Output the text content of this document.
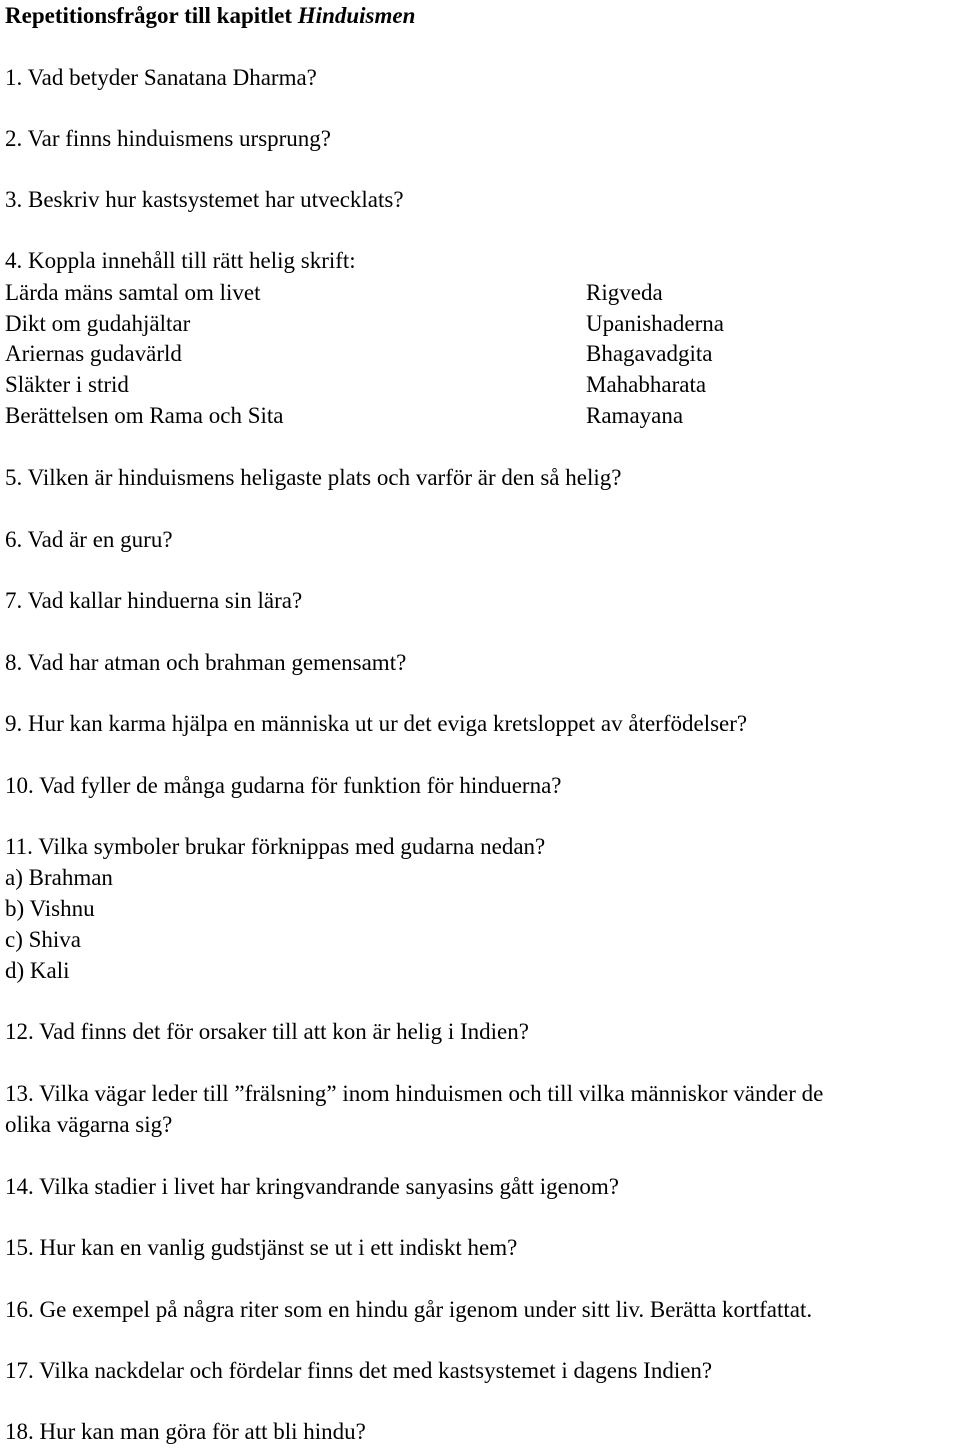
Repetitionsfrågor till kapitlet Hinduismen
1. Vad betyder Sanatana Dharma?
2. Var finns hinduismens ursprung?
3. Beskriv hur kastsystemet har utvecklats?
4. Koppla innehåll till rätt helig skrift:
Lärda mäns samtal om livet
Dikt om gudahjältar
Ariernas gudavärld
Släkter i strid
Berättelsen om Rama och Sita
Rigveda
Upanishaderna
Bhagavadgita
Mahabharata
Ramayana
5. Vilken är hinduismens heligaste plats och varför är den så helig?
6. Vad är en guru?
7. Vad kallar hinduerna sin lära?
8. Vad har atman och brahman gemensamt?
9. Hur kan karma hjälpa en människa ut ur det eviga kretsloppet av återfödelser?
10. Vad fyller de många gudarna för funktion för hinduerna?
11. Vilka symboler brukar förknippas med gudarna nedan?
a) Brahman
b) Vishnu
c) Shiva
d) Kali
12. Vad finns det för orsaker till att kon är helig i Indien?
13. Vilka vägar leder till ”frälsning” inom hinduismen och till vilka människor vänder de
olika vägarna sig?
14. Vilka stadier i livet har kringvandrande sanyasins gått igenom?
15. Hur kan en vanlig gudstjänst se ut i ett indiskt hem?
16. Ge exempel på några riter som en hindu går igenom under sitt liv. Berätta kortfattat.
17. Vilka nackdelar och fördelar finns det med kastsystemet i dagens Indien?
18. Hur kan man göra för att bli hindu?
